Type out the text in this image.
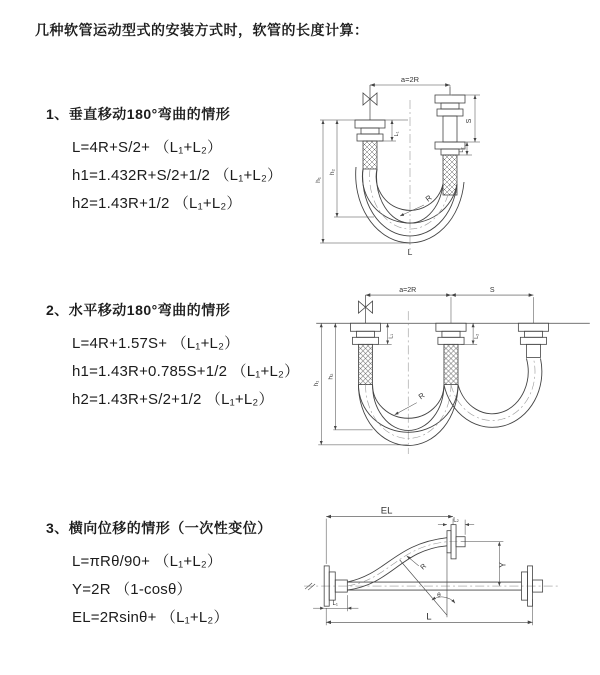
几种软管运动型式的安装方式时，软管的长度计算：
1、垂直移动180°弯曲的情形
L=4R+S/2+ （L₁+L₂）
h1=1.432R+S/2+1/2 （L₁+L₂）
h2=1.43R+1/2 （L₁+L₂）
2、水平移动180°弯曲的情形
L=4R+1.57S+ （L₁+L₂）
h1=1.43R+0.785S+1/2 （L₁+L₂）
h2=1.43R+S/2+1/2 （L₁+L₂）
3、横向位移的情形（一次性变位）
L=πRθ/90+ （L₁+L₂）
Y=2R （1-cosθ）
EL=2Rsinθ+ （L₁+L₂）
a=2R
L₁
S
L₂
h₁
h₂
R
L
a=2R	S
L₁	L₂
h₁
h₂
R
EL
L₂
Y
R
θ
L
L₁
